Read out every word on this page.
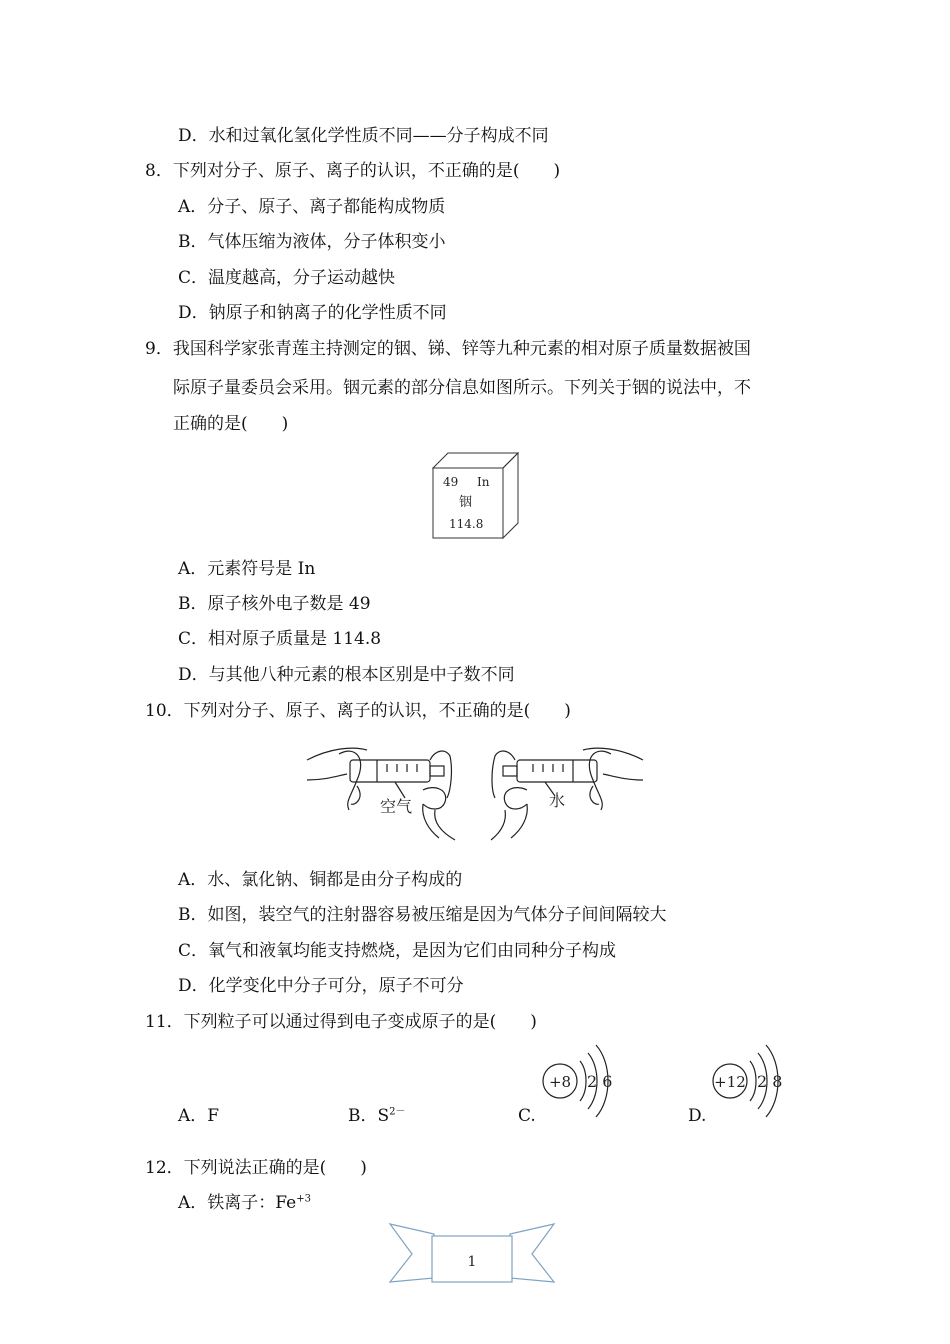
D．水和过氧化氢化学性质不同——分子构成不同
8．下列对分子、原子、离子的认识，不正确的是(　　)
A．分子、原子、离子都能构成物质
B．气体压缩为液体，分子体积变小
C．温度越高，分子运动越快
D．钠原子和钠离子的化学性质不同
9．我国科学家张青莲主持测定的铟、锑、锌等九种元素的相对原子质量数据被国
际原子量委员会采用。铟元素的部分信息如图所示。下列关于铟的说法中，不
正确的是(　　)
49 In
铟
114.8
A．元素符号是 In
B．原子核外电子数是 49
C．相对原子质量是 114.8
D．与其他八种元素的根本区别是中子数不同
10．下列对分子、原子、离子的认识，不正确的是(　　)
空气	水
A．水、氯化钠、铜都是由分子构成的
B．如图，装空气的注射器容易被压缩是因为气体分子间间隔较大
C．氧气和液氧均能支持燃烧，是因为它们由同种分子构成
D．化学变化中分子可分，原子不可分
11．下列粒子可以通过得到电子变成原子的是(　　)
A．F	B．$S^{2-}$	C.	D.
+8 2 6	+12 2 8
12．下列说法正确的是(　　)
A．铁离子：$Fe^{+3}$
1
